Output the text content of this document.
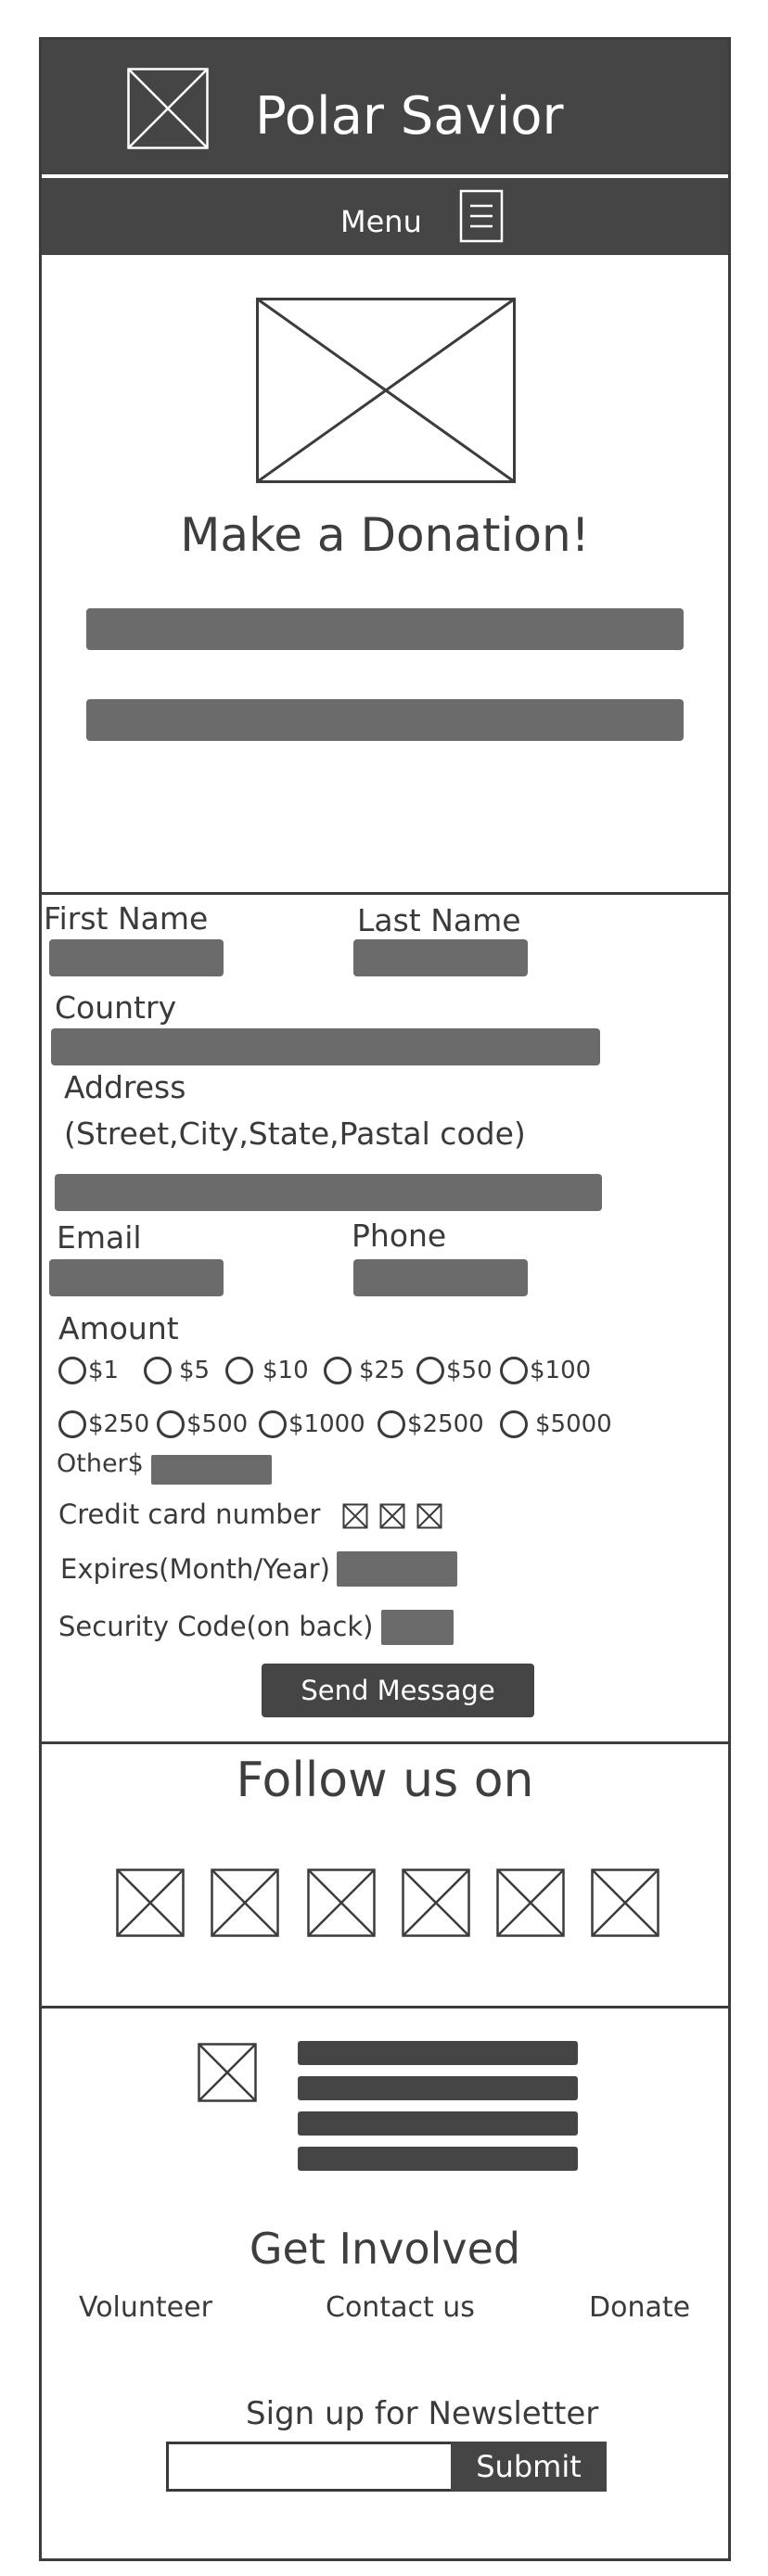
Polar Savior
Menu
Make a Donation!
First Name	Last Name
Country
Address
(Street,City,State,Pastal code)
Email	Phone
Amount
$1 $5 $10 $25 $50 $100
$250 $500 $1000 $2500 $5000
Other$
Credit card number
Expires(Month/Year)
Security Code(on back)
Send Message
Follow us on
Get Involved
Volunteer	Contact us	Donate
Sign up for Newsletter
Submit
